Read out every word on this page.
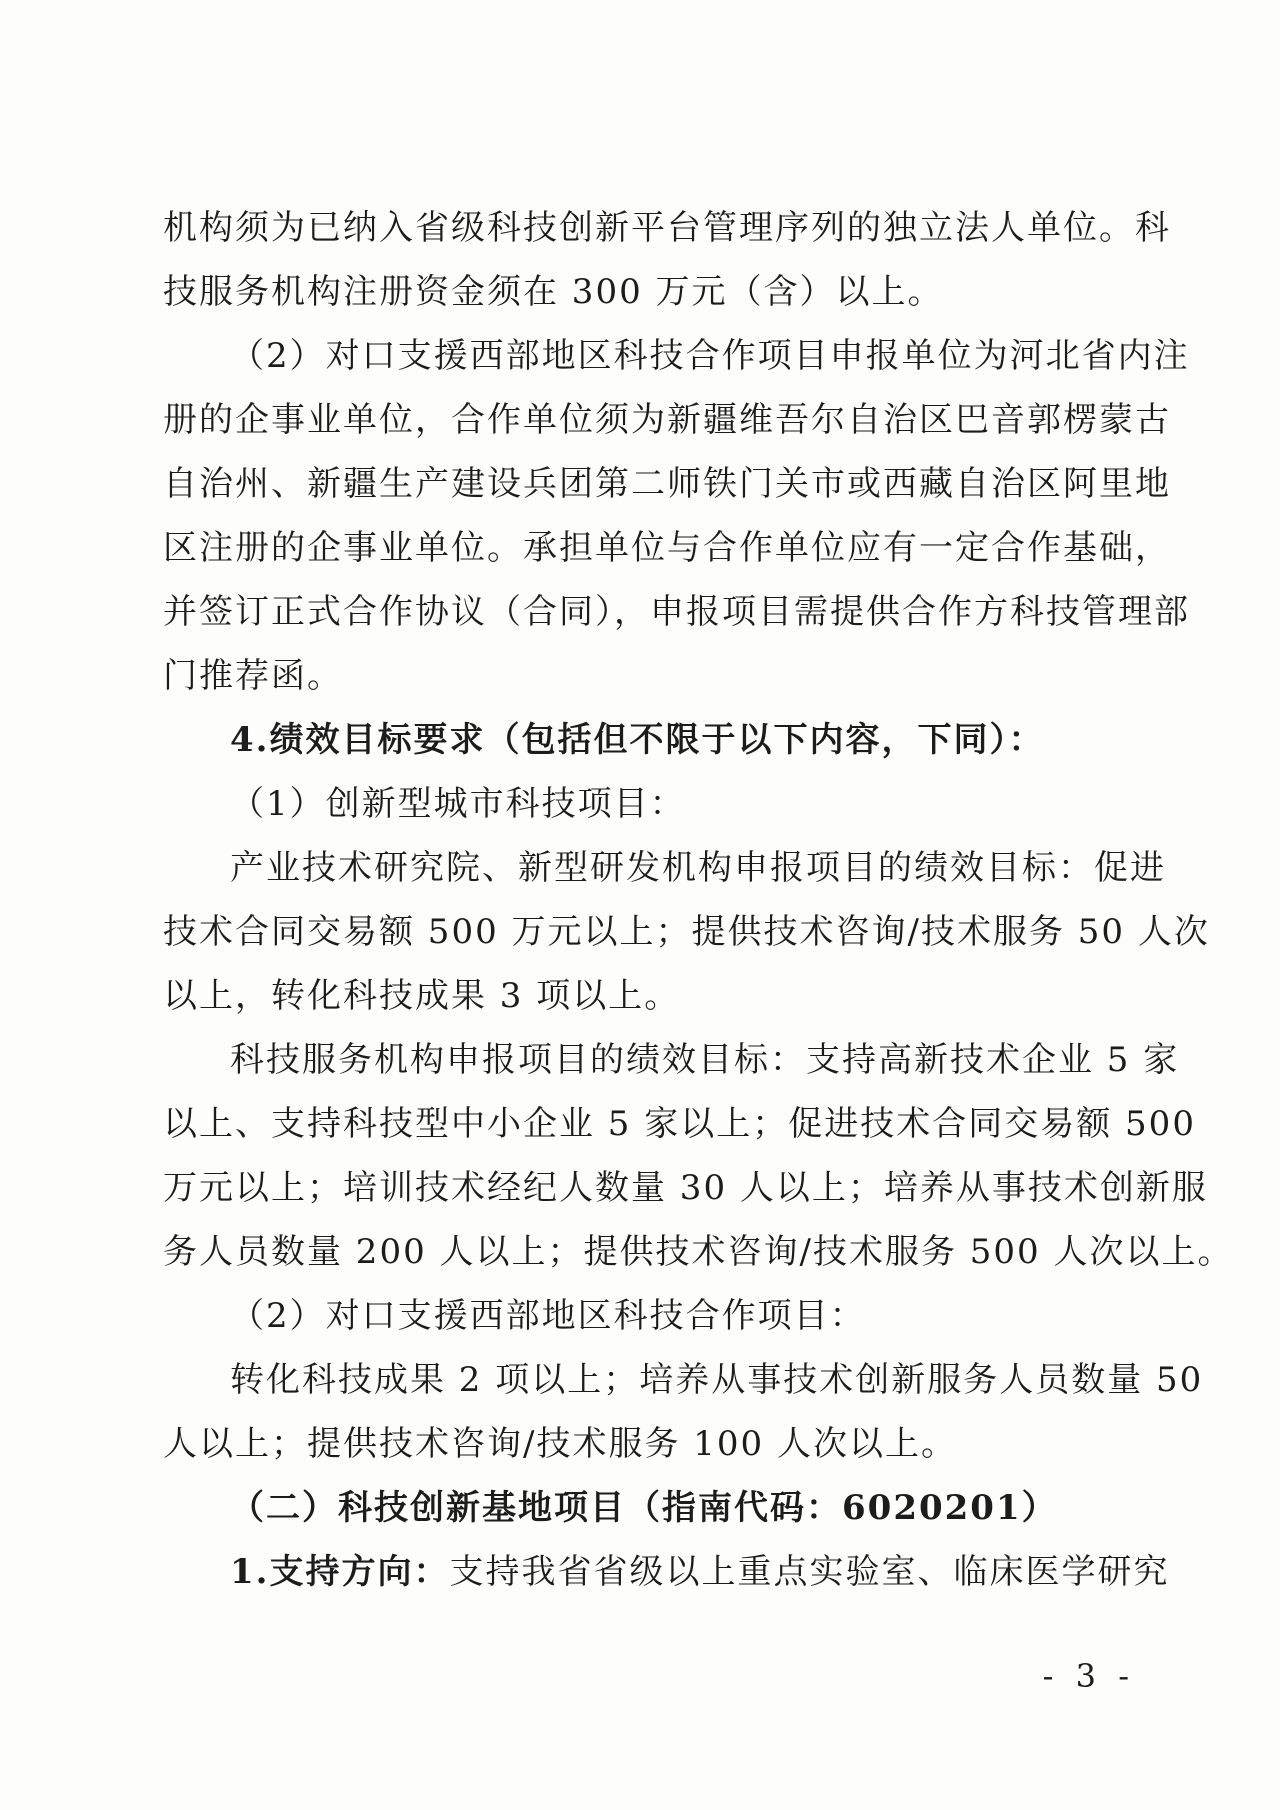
机构须为已纳入省级科技创新平台管理序列的独立法人单位。科
技服务机构注册资金须在 300 万元（含）以上。
（2）对口支援西部地区科技合作项目申报单位为河北省内注
册的企事业单位，合作单位须为新疆维吾尔自治区巴音郭楞蒙古
自治州、新疆生产建设兵团第二师铁门关市或西藏自治区阿里地
区注册的企事业单位。承担单位与合作单位应有一定合作基础，
并签订正式合作协议（合同），申报项目需提供合作方科技管理部
门推荐函。
4.绩效目标要求（包括但不限于以下内容，下同）：
（1）创新型城市科技项目：
产业技术研究院、新型研发机构申报项目的绩效目标：促进
技术合同交易额 500 万元以上；提供技术咨询/技术服务 50 人次
以上，转化科技成果 3 项以上。
科技服务机构申报项目的绩效目标：支持高新技术企业 5 家
以上、支持科技型中小企业 5 家以上；促进技术合同交易额 500
万元以上；培训技术经纪人数量 30 人以上；培养从事技术创新服
务人员数量 200 人以上；提供技术咨询/技术服务 500 人次以上。
（2）对口支援西部地区科技合作项目：
转化科技成果 2 项以上；培养从事技术创新服务人员数量 50
人以上；提供技术咨询/技术服务 100 人次以上。
（二）科技创新基地项目（指南代码：6020201）
1.支持方向：支持我省省级以上重点实验室、临床医学研究
- 3 -
